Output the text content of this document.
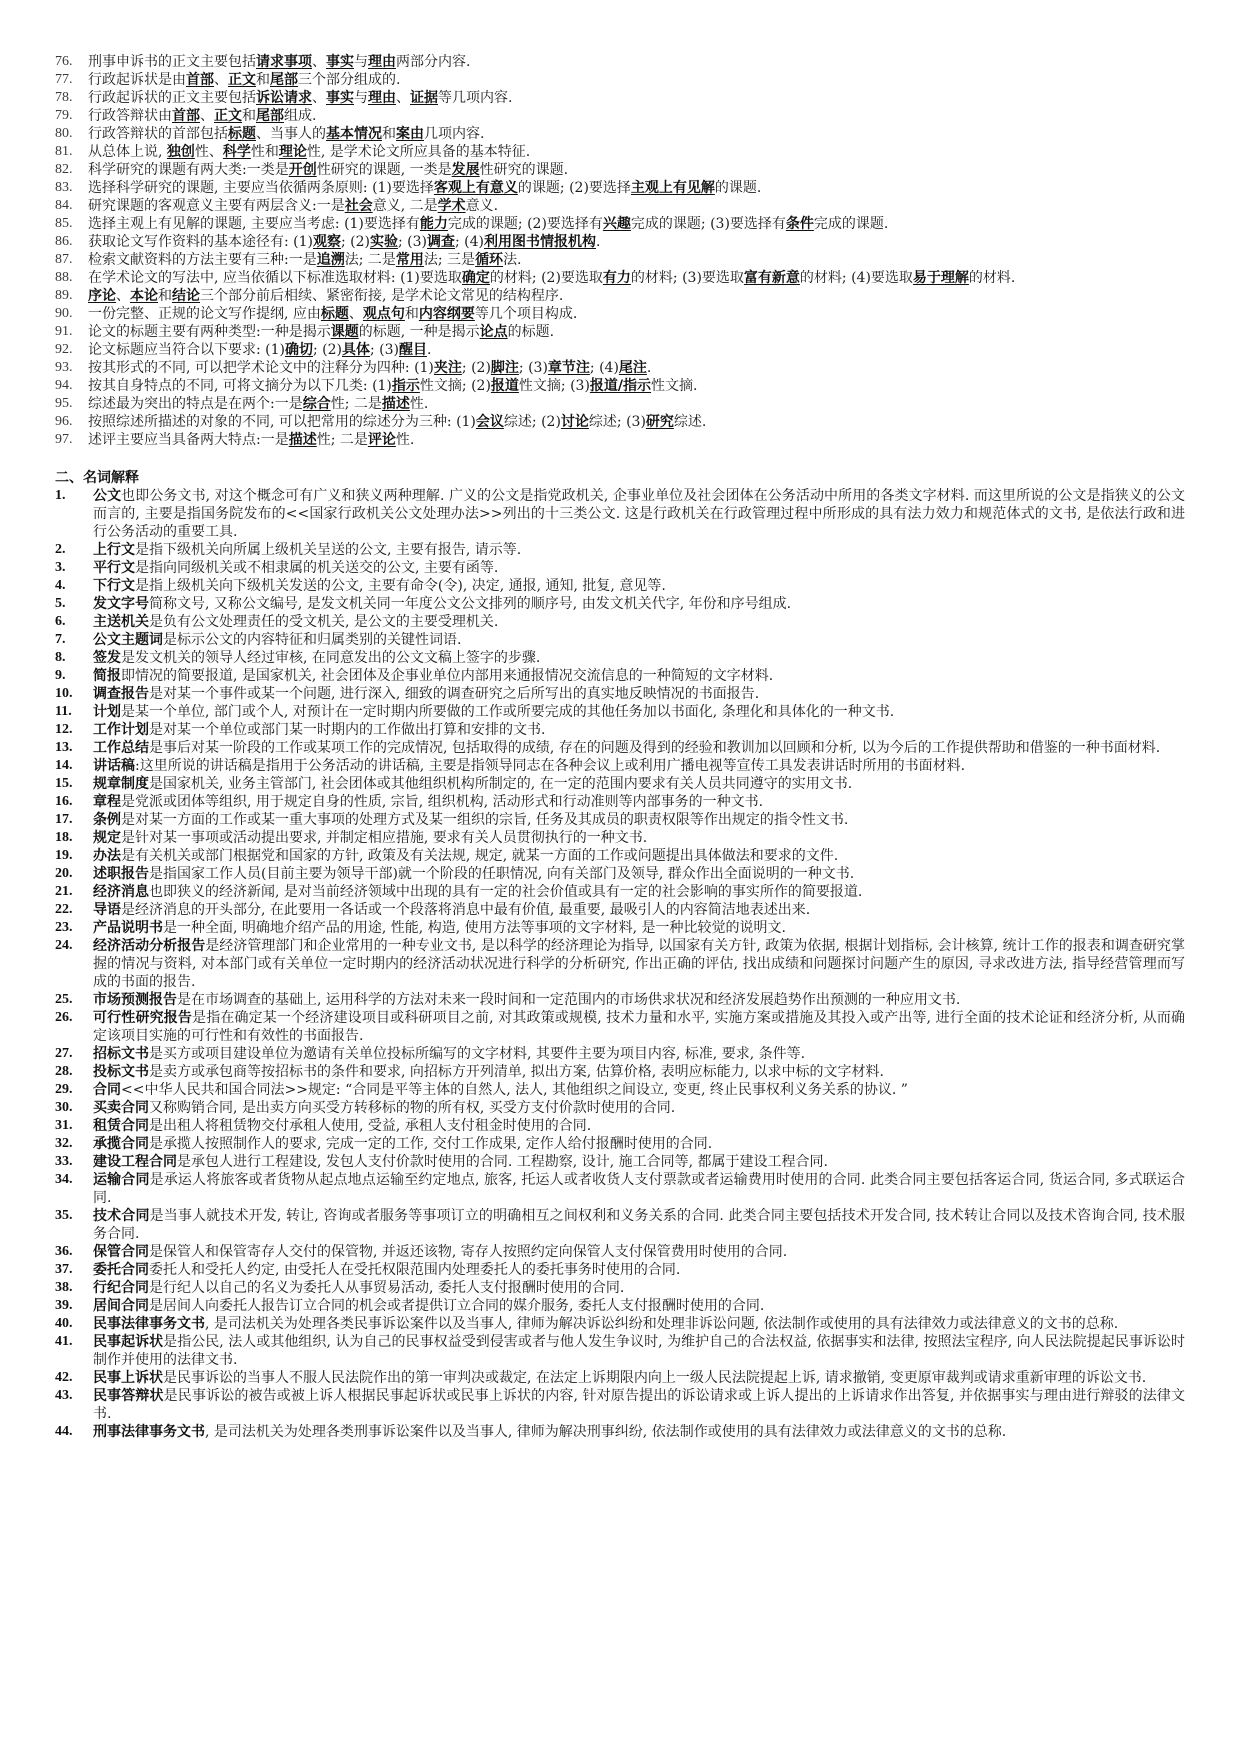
76.	刑事申诉书的正文主要包括请求事项、事实与理由两部分内容.
77.	行政起诉状是由首部、正文和尾部三个部分组成的.
78.	行政起诉状的正文主要包括诉讼请求、事实与理由、证据等几项内容.
79.	行政答辩状由首部、正文和尾部组成.
80.	行政答辩状的首部包括标题、当事人的基本情况和案由几项内容.
81.	从总体上说, 独创性、科学性和理论性, 是学术论文所应具备的基本特征.
82.	科学研究的课题有两大类:一类是开创性研究的课题, 一类是发展性研究的课题.
83.	选择科学研究的课题, 主要应当依循两条原则: (1)要选择客观上有意义的课题; (2)要选择主观上有见解的课题.
84.	研究课题的客观意义主要有两层含义:一是社会意义, 二是学术意义.
85.	选择主观上有见解的课题, 主要应当考虑: (1)要选择有能力完成的课题; (2)要选择有兴趣完成的课题; (3)要选择有条件完成的课题.
86.	获取论文写作资料的基本途径有: (1)观察; (2)实验; (3)调查; (4)利用图书情报机构.
87.	检索文献资料的方法主要有三种:一是追溯法; 二是常用法; 三是循环法.
88.	在学术论文的写法中, 应当依循以下标准选取材料: (1)要选取确定的材料; (2)要选取有力的材料; (3)要选取富有新意的材料; (4)要选取易于理解的材料.
89.	序论、本论和结论三个部分前后相续、紧密衔接, 是学术论文常见的结构程序.
90.	一份完整、正规的论文写作提纲, 应由标题、观点句和内容纲要等几个项目构成.
91.	论文的标题主要有两种类型:一种是揭示课题的标题, 一种是揭示论点的标题.
92.	论文标题应当符合以下要求: (1)确切; (2)具体; (3)醒目.
93.	按其形式的不同, 可以把学术论文中的注释分为四种: (1)夹注; (2)脚注; (3)章节注; (4)尾注.
94.	按其自身特点的不同, 可将文摘分为以下几类: (1)指示性文摘; (2)报道性文摘; (3)报道/指示性文摘.
95.	综述最为突出的特点是在两个:一是综合性; 二是描述性.
96.	按照综述所描述的对象的不同, 可以把常用的综述分为三种: (1)会议综述; (2)讨论综述; (3)研究综述.
97.	述评主要应当具备两大特点:一是描述性; 二是评论性.
二、名词解释
1.	公文也即公务文书, 对这个概念可有广义和狭义两种理解. 广义的公文是指党政机关, 企事业单位及社会团体在公务活动中所用的各类文字材料. 而这里所说的公文是指狭义的公文而言的, 主要是指国务院发布的<<国家行政机关公文处理办法>>列出的十三类公文. 这是行政机关在行政管理过程中所形成的具有法力效力和规范体式的文书, 是依法行政和进行公务活动的重要工具.
2.	上行文是指下级机关向所属上级机关呈送的公文, 主要有报告, 请示等.
3.	平行文是指向同级机关或不相隶属的机关送交的公文, 主要有函等.
4.	下行文是指上级机关向下级机关发送的公文, 主要有命令(令), 决定, 通报, 通知, 批复, 意见等.
5.	发文字号简称文号, 又称公文编号, 是发文机关同一年度公文公文排列的顺序号, 由发文机关代字, 年份和序号组成.
6.	主送机关是负有公文处理责任的受文机关, 是公文的主要受理机关.
7.	公文主题词是标示公文的内容特征和归属类别的关键性词语.
8.	签发是发文机关的领导人经过审核, 在同意发出的公文文稿上签字的步骤.
9.	简报即情况的简要报道, 是国家机关, 社会团体及企事业单位内部用来通报情况交流信息的一种简短的文字材料.
10.	调查报告是对某一个事件或某一个问题, 进行深入, 细致的调查研究之后所写出的真实地反映情况的书面报告.
11.	计划是某一个单位, 部门或个人, 对预计在一定时期内所要做的工作或所要完成的其他任务加以书面化, 条理化和具体化的一种文书.
12.	工作计划是对某一个单位或部门某一时期内的工作做出打算和安排的文书.
13.	工作总结是事后对某一阶段的工作或某项工作的完成情况, 包括取得的成绩, 存在的问题及得到的经验和教训加以回顾和分析, 以为今后的工作提供帮助和借鉴的一种书面材料.
14.	讲话稿:这里所说的讲话稿是指用于公务活动的讲话稿, 主要是指领导同志在各种会议上或利用广播电视等宣传工具发表讲话时所用的书面材料.
15.	规章制度是国家机关, 业务主管部门, 社会团体或其他组织机构所制定的, 在一定的范围内要求有关人员共同遵守的实用文书.
16.	章程是党派或团体等组织, 用于规定自身的性质, 宗旨, 组织机构, 活动形式和行动准则等内部事务的一种文书.
17.	条例是对某一方面的工作或某一重大事项的处理方式及某一组织的宗旨, 任务及其成员的职责权限等作出规定的指令性文书.
18.	规定是针对某一事项或活动提出要求, 并制定相应措施, 要求有关人员贯彻执行的一种文书.
19.	办法是有关机关或部门根据党和国家的方针, 政策及有关法规, 规定, 就某一方面的工作或问题提出具体做法和要求的文件.
20.	述职报告是指国家工作人员(目前主要为领导干部)就一个阶段的任职情况, 向有关部门及领导, 群众作出全面说明的一种文书.
21.	经济消息也即狭义的经济新闻, 是对当前经济领域中出现的具有一定的社会价值或具有一定的社会影响的事实所作的简要报道.
22.	导语是经济消息的开头部分, 在此要用一各话或一个段落将消息中最有价值, 最重要, 最吸引人的内容简洁地表述出来.
23.	产品说明书是一种全面, 明确地介绍产品的用途, 性能, 构造, 使用方法等事项的文字材料, 是一种比较觉的说明文.
24.	经济活动分析报告是经济管理部门和企业常用的一种专业文书, 是以科学的经济理论为指导, 以国家有关方针, 政策为依据, 根据计划指标, 会计核算, 统计工作的报表和调查研究掌握的情况与资料, 对本部门或有关单位一定时期内的经济活动状况进行科学的分析研究, 作出正确的评估, 找出成绩和问题探讨问题产生的原因, 寻求改进方法, 指导经营管理而写成的书面的报告.
25.	市场预测报告是在市场调查的基础上, 运用科学的方法对未来一段时间和一定范围内的市场供求状况和经济发展趋势作出预测的一种应用文书.
26.	可行性研究报告是指在确定某一个经济建设项目或科研项目之前, 对其政策或规模, 技术力量和水平, 实施方案或措施及其投入或产出等, 进行全面的技术论证和经济分析, 从而确定该项目实施的可行性和有效性的书面报告.
27.	招标文书是买方或项目建设单位为邀请有关单位投标所编写的文字材料, 其要件主要为项目内容, 标准, 要求, 条件等.
28.	投标文书是卖方或承包商等按招标书的条件和要求, 向招标方开列清单, 拟出方案, 估算价格, 表明应标能力, 以求中标的文字材料.
29.	合同<<中华人民共和国合同法>>规定: “合同是平等主体的自然人, 法人, 其他组织之间设立, 变更, 终止民事权利义务关系的协议. ”
30.	买卖合同又称购销合同, 是出卖方向买受方转移标的物的所有权, 买受方支付价款时使用的合同.
31.	租赁合同是出租人将租赁物交付承租人使用, 受益, 承租人支付租金时使用的合同.
32.	承揽合同是承揽人按照制作人的要求, 完成一定的工作, 交付工作成果, 定作人给付报酬时使用的合同.
33.	建设工程合同是承包人进行工程建设, 发包人支付价款时使用的合同. 工程勘察, 设计, 施工合同等, 都属于建设工程合同.
34.	运输合同是承运人将旅客或者货物从起点地点运输至约定地点, 旅客, 托运人或者收货人支付票款或者运输费用时使用的合同. 此类合同主要包括客运合同, 货运合同, 多式联运合同.
35.	技术合同是当事人就技术开发, 转让, 咨询或者服务等事项订立的明确相互之间权利和义务关系的合同. 此类合同主要包括技术开发合同, 技术转让合同以及技术咨询合同, 技术服务合同.
36.	保管合同是保管人和保管寄存人交付的保管物, 并返还该物, 寄存人按照约定向保管人支付保管费用时使用的合同.
37.	委托合同委托人和受托人约定, 由受托人在受托权限范围内处理委托人的委托事务时使用的合同.
38.	行纪合同是行纪人以自己的名义为委托人从事贸易活动, 委托人支付报酬时使用的合同.
39.	居间合同是居间人向委托人报告订立合同的机会或者提供订立合同的媒介服务, 委托人支付报酬时使用的合同.
40.	民事法律事务文书, 是司法机关为处理各类民事诉讼案件以及当事人, 律师为解决诉讼纠纷和处理非诉讼问题, 依法制作或使用的具有法律效力或法律意义的文书的总称.
41.	民事起诉状是指公民, 法人或其他组织, 认为自己的民事权益受到侵害或者与他人发生争议时, 为维护自己的合法权益, 依据事实和法律, 按照法宝程序, 向人民法院提起民事诉讼时制作并使用的法律文书.
42.	民事上诉状是民事诉讼的当事人不服人民法院作出的第一审判决或裁定, 在法定上诉期限内向上一级人民法院提起上诉, 请求撤销, 变更原审裁判或请求重新审理的诉讼文书.
43.	民事答辩状是民事诉讼的被告或被上诉人根据民事起诉状或民事上诉状的内容, 针对原告提出的诉讼请求或上诉人提出的上诉请求作出答复, 并依据事实与理由进行辩驳的法律文书.
44.	刑事法律事务文书, 是司法机关为处理各类刑事诉讼案件以及当事人, 律师为解决刑事纠纷, 依法制作或使用的具有法律效力或法律意义的文书的总称.
